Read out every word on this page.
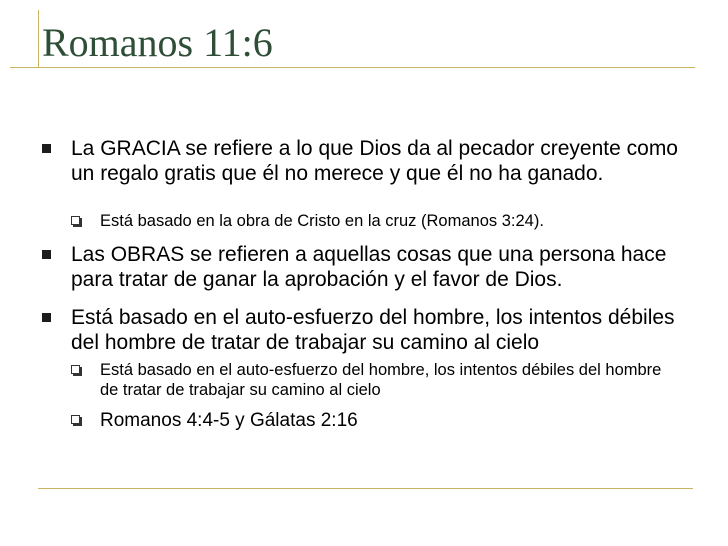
Romanos 11:6
La GRACIA se refiere a lo que Dios da al pecador creyente como un regalo gratis que él no merece y que él no ha ganado.
Está basado en la obra de Cristo en la cruz (Romanos 3:24).
Las OBRAS se refieren a aquellas cosas que una persona hace para tratar de ganar la aprobación y el favor de Dios.
Está basado en el auto-esfuerzo del hombre, los intentos débiles del hombre de tratar de trabajar su camino al cielo
Está basado en el auto-esfuerzo del hombre, los intentos débiles del hombre de tratar de trabajar su camino al cielo
Romanos 4:4-5 y Gálatas 2:16
